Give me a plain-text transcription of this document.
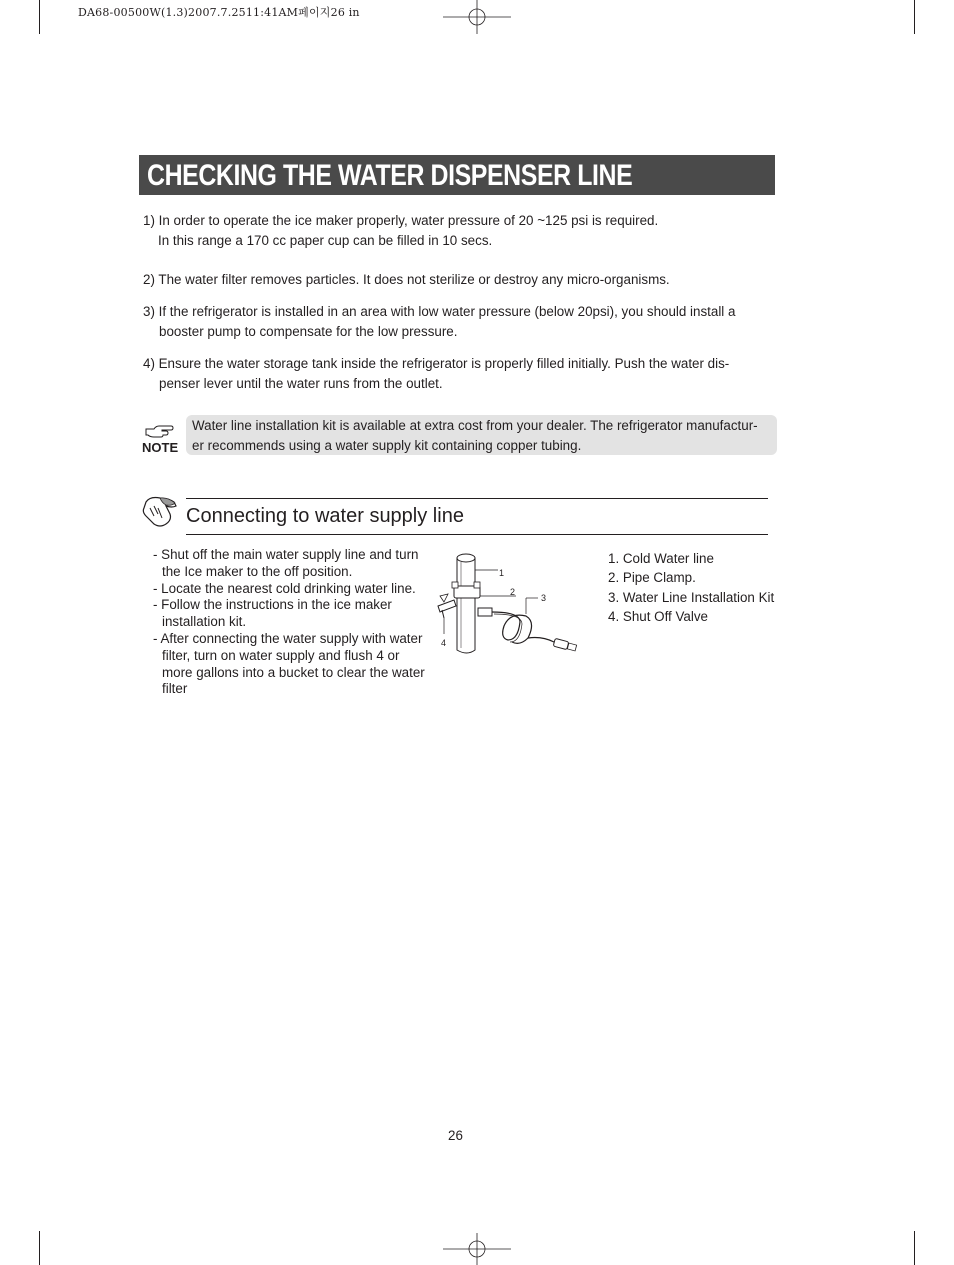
DA68-00500W(1.3)2007.7.2511:41AM페이지26 in
CHECKING THE WATER DISPENSER LINE
1) In order to operate the ice maker properly, water pressure of 20 ~125 psi is required.
In this range a 170 cc paper cup can be filled in 10 secs.
2) The water filter removes particles. It does not sterilize or destroy any micro-organisms.
3) If the refrigerator is installed in an area with low water pressure (below 20psi), you should install a
booster pump to compensate for the low pressure.
4) Ensure the water storage tank inside the refrigerator is properly filled initially. Push the water dis-
penser lever until the water runs from the outlet.
NOTE
Water line installation kit is available at extra cost from your dealer. The refrigerator manufactur-
er recommends using a water supply kit containing copper tubing.
Connecting to water supply line
- Shut off the main water supply line and turn
the Ice maker to the off position.
- Locate the nearest cold drinking water line.
- Follow the instructions in the ice maker
installation kit.
- After connecting the water supply with water
filter, turn on water supply and flush 4 or
more gallons into a bucket to clear the water
filter
1
2
3
4
1. Cold Water line
2. Pipe Clamp.
3. Water Line Installation Kit
4. Shut Off Valve
26
